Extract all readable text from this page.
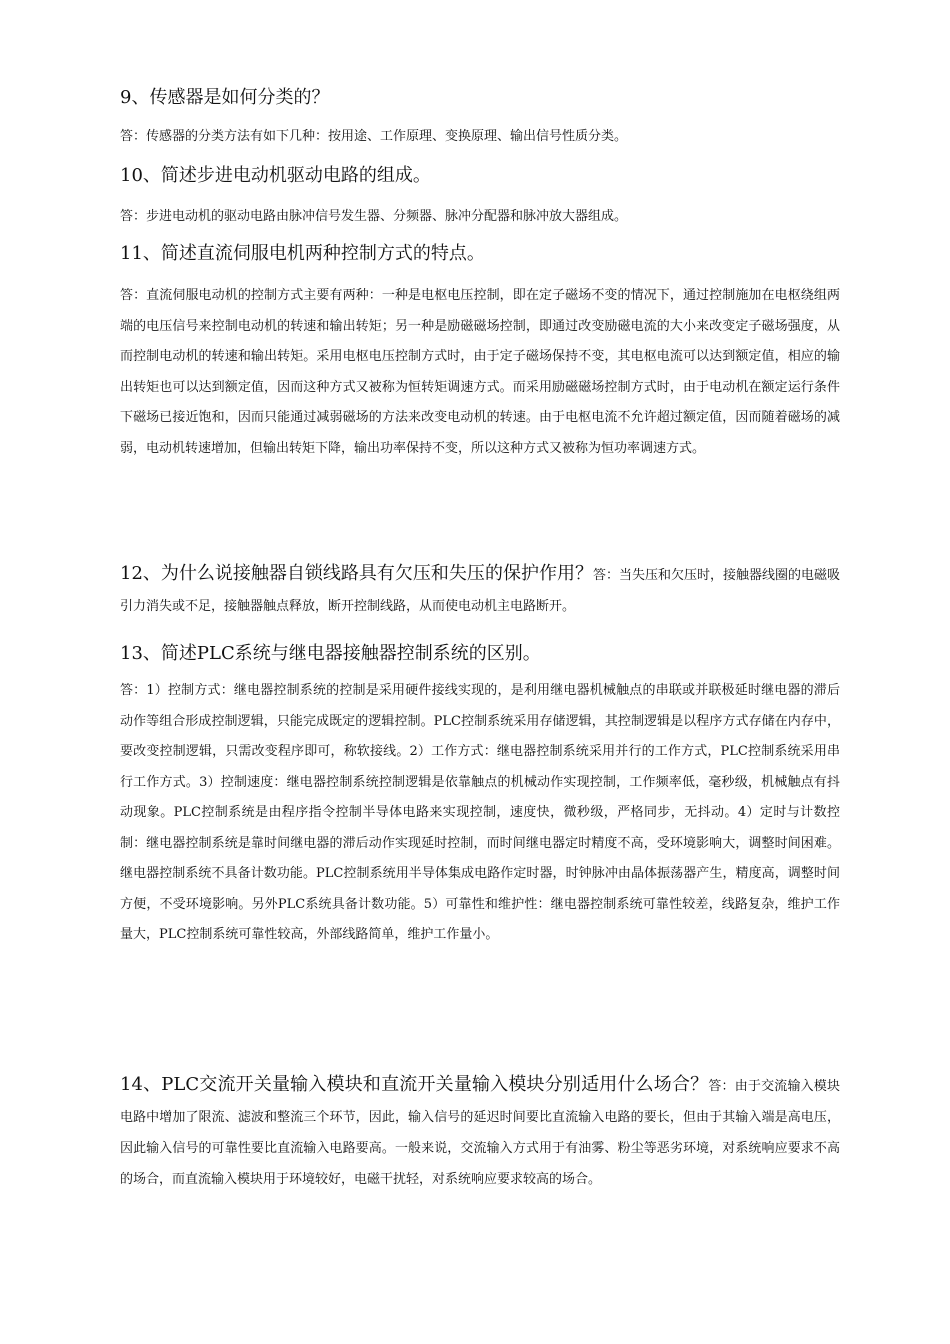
9、传感器是如何分类的？

答：传感器的分类方法有如下几种：按用途、工作原理、变换原理、输出信号性质分类。

10、简述步进电动机驱动电路的组成。

答：步进电动机的驱动电路由脉冲信号发生器、分频器、脉冲分配器和脉冲放大器组成。

11、简述直流伺服电机两种控制方式的特点。

答：直流伺服电动机的控制方式主要有两种：一种是电枢电压控制，即在定子磁场不变的情况下，通过控制施加在电枢绕组两端的电压信号来控制电动机的转速和输出转矩；另一种是励磁磁场控制，即通过改变励磁电流的大小来改变定子磁场强度，从而控制电动机的转速和输出转矩。采用电枢电压控制方式时，由于定子磁场保持不变，其电枢电流可以达到额定值，相应的输出转矩也可以达到额定值，因而这种方式又被称为恒转矩调速方式。而采用励磁磁场控制方式时，由于电动机在额定运行条件下磁场已接近饱和，因而只能通过减弱磁场的方法来改变电动机的转速。由于电枢电流不允许超过额定值，因而随着磁场的减弱，电动机转速增加，但输出转矩下降，输出功率保持不变，所以这种方式又被称为恒功率调速方式。

12、为什么说接触器自锁线路具有欠压和失压的保护作用？答：当失压和欠压时，接触器线圈的电磁吸引力消失或不足，接触器触点释放，断开控制线路，从而使电动机主电路断开。

13、简述PLC系统与继电器接触器控制系统的区别。

答：1）控制方式：继电器控制系统的控制是采用硬件接线实现的，是利用继电器机械触点的串联或并联极延时继电器的滞后动作等组合形成控制逻辑，只能完成既定的逻辑控制。PLC控制系统采用存储逻辑，其控制逻辑是以程序方式存储在内存中，要改变控制逻辑，只需改变程序即可，称软接线。2）工作方式：继电器控制系统采用并行的工作方式，PLC控制系统采用串行工作方式。3）控制速度：继电器控制系统控制逻辑是依靠触点的机械动作实现控制，工作频率低，毫秒级，机械触点有抖动现象。PLC控制系统是由程序指令控制半导体电路来实现控制，速度快，微秒级，严格同步，无抖动。4）定时与计数控制：继电器控制系统是靠时间继电器的滞后动作实现延时控制，而时间继电器定时精度不高，受环境影响大，调整时间困难。继电器控制系统不具备计数功能。PLC控制系统用半导体集成电路作定时器，时钟脉冲由晶体振荡器产生，精度高，调整时间方便，不受环境影响。另外PLC系统具备计数功能。5）可靠性和维护性：继电器控制系统可靠性较差，线路复杂，维护工作量大，PLC控制系统可靠性较高，外部线路简单，维护工作量小。

14、PLC交流开关量输入模块和直流开关量输入模块分别适用什么场合？答：由于交流输入模块电路中增加了限流、滤波和整流三个环节，因此，输入信号的延迟时间要比直流输入电路的要长，但由于其输入端是高电压，因此输入信号的可靠性要比直流输入电路要高。一般来说，交流输入方式用于有油雾、粉尘等恶劣环境，对系统响应要求不高的场合，而直流输入模块用于环境较好，电磁干扰轻，对系统响应要求较高的场合。
